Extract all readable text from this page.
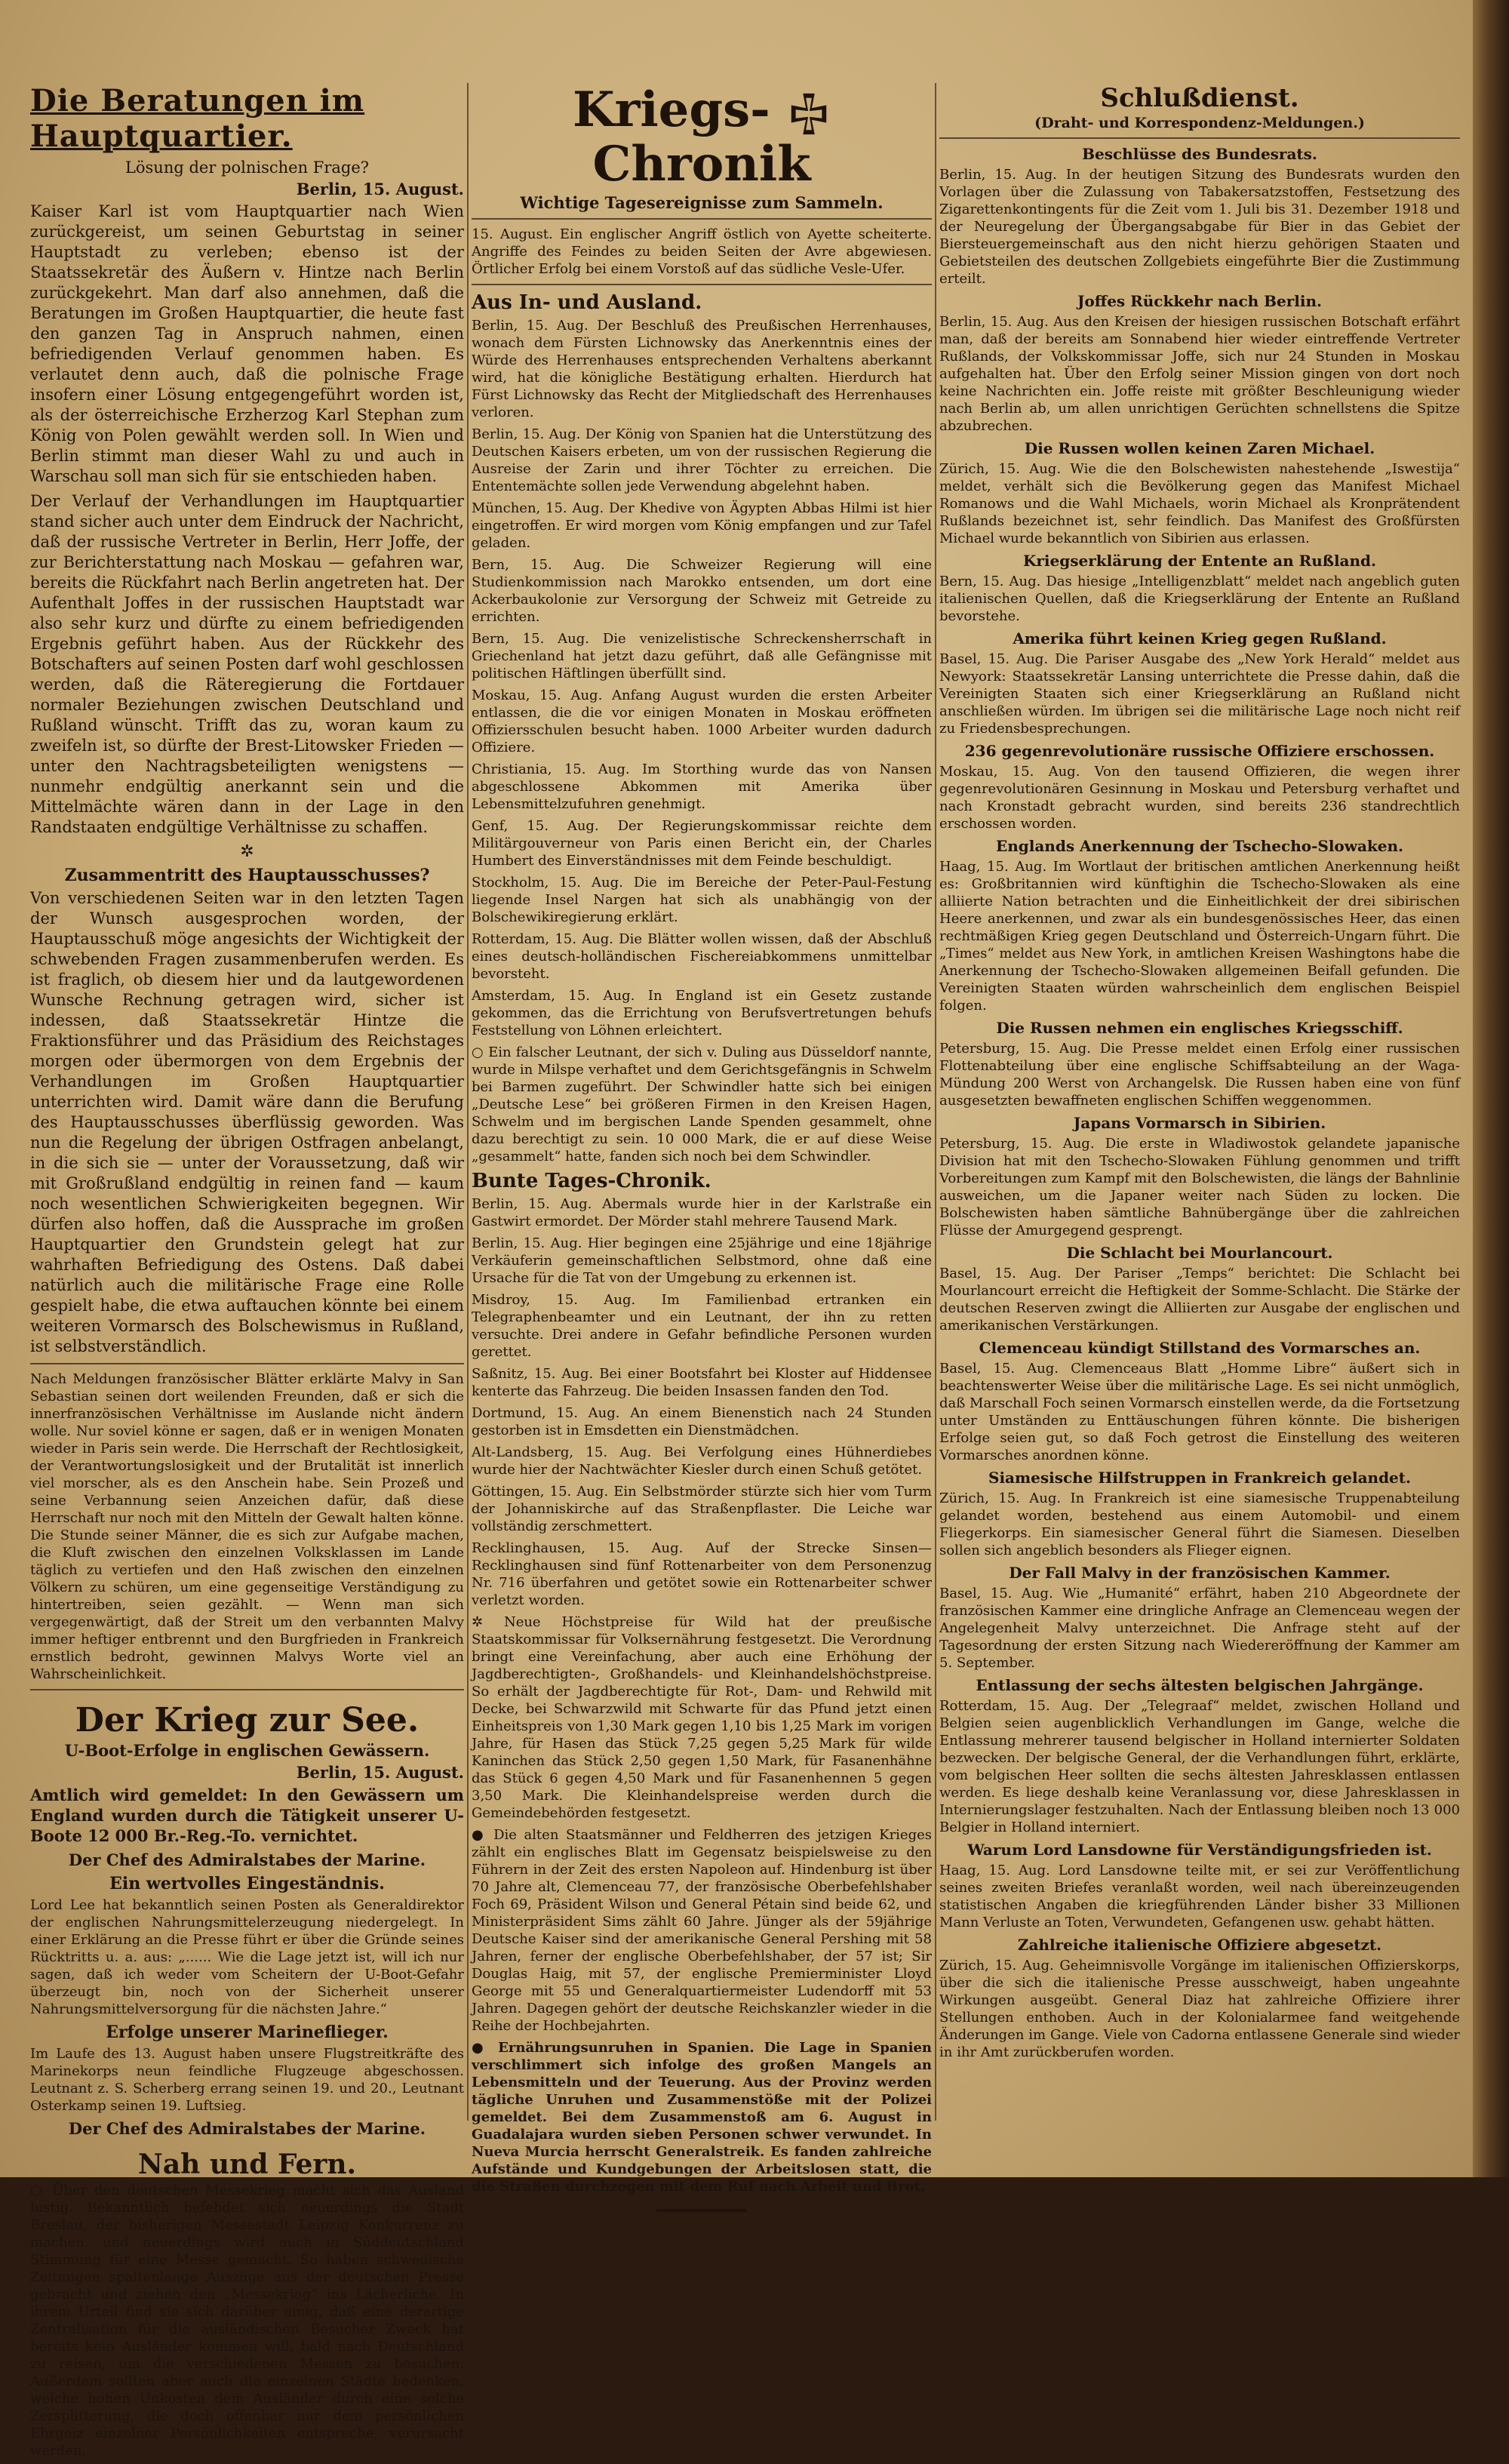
Die Beratungen im Hauptquartier.
Lösung der polnischen Frage?
Berlin, 15. August.

Kaiser Karl ist vom Hauptquartier nach Wien zurückgereist, um seinen Geburtstag in seiner Hauptstadt zu verleben; ebenso ist der Staatssekretär des Äußern v. Hintze nach Berlin zurückgekehrt. Man darf also annehmen, daß die Beratungen im Großen Hauptquartier, die heute fast den ganzen Tag in Anspruch nahmen, einen befriedigenden Verlauf genommen haben. Es verlautet denn auch, daß die polnische Frage insofern einer Lösung entgegengeführt worden ist, als der österreichische Erzherzog Karl Stephan zum König von Polen gewählt werden soll. In Wien und Berlin stimmt man dieser Wahl zu und auch in Warschau soll man sich für sie entschieden haben.

Der Verlauf der Verhandlungen im Hauptquartier stand sicher auch unter dem Eindruck der Nachricht, daß der russische Vertreter in Berlin, Herr Joffe, der zur Berichterstattung nach Moskau — gefahren war, bereits die Rückfahrt nach Berlin angetreten hat. Der Aufenthalt Joffes in der russischen Hauptstadt war also sehr kurz und dürfte zu einem befriedigenden Ergebnis geführt haben. Aus der Rückkehr des Botschafters auf seinen Posten darf wohl geschlossen werden, daß die Räteregierung die Fortdauer normaler Beziehungen zwischen Deutschland und Rußland wünscht. Trifft das zu, woran kaum zu zweifeln ist, so dürfte der Brest-Litowsker Frieden — unter den Nachtragsbeteiligten wenigstens — nunmehr endgültig anerkannt sein und die Mittelmächte wären dann in der Lage in den Randstaaten endgültige Verhältnisse zu schaffen.

✲
Zusammentritt des Hauptausschusses?

Von verschiedenen Seiten war in den letzten Tagen der Wunsch ausgesprochen worden, der Hauptausschuß möge angesichts der Wichtigkeit der schwebenden Fragen zusammenberufen werden. Es ist fraglich, ob diesem hier und da lautgewordenen Wunsche Rechnung getragen wird, sicher ist indessen, daß Staatssekretär Hintze die Fraktionsführer und das Präsidium des Reichstages morgen oder übermorgen von dem Ergebnis der Verhandlungen im Großen Hauptquartier unterrichten wird. Damit wäre dann die Berufung des Hauptausschusses überflüssig geworden. Was nun die Regelung der übrigen Ostfragen anbelangt, in die sich sie — unter der Voraussetzung, daß wir mit Großrußland endgültig in reinen fand — kaum noch wesentlichen Schwierigkeiten begegnen. Wir dürfen also hoffen, daß die Aussprache im großen Hauptquartier den Grundstein gelegt hat zur wahrhaften Befriedigung des Ostens. Daß dabei natürlich auch die militärische Frage eine Rolle gespielt habe, die etwa auftauchen könnte bei einem weiteren Vormarsch des Bolschewismus in Rußland, ist selbstverständlich.

Nach Meldungen französischer Blätter erklärte Malvy in San Sebastian seinen dort weilenden Freunden, daß er sich die innerfranzösischen Verhältnisse im Auslande nicht ändern wolle. Nur soviel könne er sagen, daß er in wenigen Monaten wieder in Paris sein werde. Die Herrschaft der Rechtlosigkeit, der Verantwortungslosigkeit und der Brutalität ist innerlich viel morscher, als es den Anschein habe. Sein Prozeß und seine Verbannung seien Anzeichen dafür, daß diese Herrschaft nur noch mit den Mitteln der Gewalt halten könne. Die Stunde seiner Männer, die es sich zur Aufgabe machen, die Kluft zwischen den einzelnen Volksklassen im Lande täglich zu vertiefen und den Haß zwischen den einzelnen Völkern zu schüren, um eine gegenseitige Verständigung zu hintertreiben, seien gezählt. — Wenn man sich vergegenwärtigt, daß der Streit um den verbannten Malvy immer heftiger entbrennt und den Burgfrieden in Frankreich ernstlich bedroht, gewinnen Malvys Worte viel an Wahrscheinlichkeit.

Der Krieg zur See.
U-Boot-Erfolge in englischen Gewässern.
Berlin, 15. August.

Amtlich wird gemeldet: In den Gewässern um England wurden durch die Tätigkeit unserer U-Boote 12 000 Br.-Reg.-To. vernichtet.

Der Chef des Admiralstabes der Marine.
Ein wertvolles Eingeständnis.

Lord Lee hat bekanntlich seinen Posten als Generaldirektor der englischen Nahrungsmittelerzeugung niedergelegt. In einer Erklärung an die Presse führt er über die Gründe seines Rücktritts u. a. aus: „...... Wie die Lage jetzt ist, will ich nur sagen, daß ich weder vom Scheitern der U-Boot-Gefahr überzeugt bin, noch von der Sicherheit unserer Nahrungsmittelversorgung für die nächsten Jahre.“

Erfolge unserer Marineflieger.

Im Laufe des 13. August haben unsere Flugstreitkräfte des Marinekorps neun feindliche Flugzeuge abgeschossen. Leutnant z. S. Scherberg errang seinen 19. und 20., Leutnant Osterkamp seinen 19. Luftsieg.

Der Chef des Admiralstabes der Marine.
Nah und Fern.

○ Über den deutschen Messekrieg macht sich das Ausland lustig. Bekanntlich befehdet sich neuerdings die Stadt Breslau, der bisherigen Messestadt Leipzig Konkurrenz zu machen, und neuerdings wird auch in Süddeutschland Stimmung für eine Messe gemacht. So haben schwedische Zeitungen spaltenlange Auszüge aus der deutschen Presse gebracht und ziehen den „Messekrieg“ ins Lächerliche. In ihrem Urteil find sie sich darüber einig, daß eine derartige Zentralisation für die ausländischen Besucher Zweck hat bereits kein Ausländer kommen will, bald nach Deutschland zu reisen, um die verschiedenen Messen zu besuchen. Außerdem sollten aber auch die einzelnen Städte bedenken, welche hohen Unkosten dem Ausländer durch eine solche Zersplitterung, die doch offenbar nur dem persönlichen Ehrgeiz einzelner Persönlichkeiten entspreche, verursacht werden.

Kriegs-  Chronik
Wichtige Tagesereignisse zum Sammeln.

15. August. Ein englischer Angriff östlich von Ayette scheiterte. Angriffe des Feindes zu beiden Seiten der Avre abgewiesen. Örtlicher Erfolg bei einem Vorstoß auf das südliche Vesle-Ufer.

Aus In- und Ausland.

Berlin, 15. Aug. Der Beschluß des Preußischen Herrenhauses, wonach dem Fürsten Lichnowsky das Anerkenntnis eines der Würde des Herrenhauses entsprechenden Verhaltens aberkannt wird, hat die königliche Bestätigung erhalten. Hierdurch hat Fürst Lichnowsky das Recht der Mitgliedschaft des Herrenhauses verloren.

Berlin, 15. Aug. Der König von Spanien hat die Unterstützung des Deutschen Kaisers erbeten, um von der russischen Regierung die Ausreise der Zarin und ihrer Töchter zu erreichen. Die Ententemächte sollen jede Verwendung abgelehnt haben.

München, 15. Aug. Der Khedive von Ägypten Abbas Hilmi ist hier eingetroffen. Er wird morgen vom König empfangen und zur Tafel geladen.

Bern, 15. Aug. Die Schweizer Regierung will eine Studienkommission nach Marokko entsenden, um dort eine Ackerbaukolonie zur Versorgung der Schweiz mit Getreide zu errichten.

Bern, 15. Aug. Die venizelistische Schreckensherrschaft in Griechenland hat jetzt dazu geführt, daß alle Gefängnisse mit politischen Häftlingen überfüllt sind.

Moskau, 15. Aug. Anfang August wurden die ersten Arbeiter entlassen, die die vor einigen Monaten in Moskau eröffneten Offiziersschulen besucht haben. 1000 Arbeiter wurden dadurch Offiziere.

Christiania, 15. Aug. Im Storthing wurde das von Nansen abgeschlossene Abkommen mit Amerika über Lebensmittelzufuhren genehmigt.

Genf, 15. Aug. Der Regierungskommissar reichte dem Militärgouverneur von Paris einen Bericht ein, der Charles Humbert des Einverständnisses mit dem Feinde beschuldigt.

Stockholm, 15. Aug. Die im Bereiche der Peter-Paul-Festung liegende Insel Nargen hat sich als unabhängig von der Bolschewikiregierung erklärt.

Rotterdam, 15. Aug. Die Blätter wollen wissen, daß der Abschluß eines deutsch-holländischen Fischereiabkommens unmittelbar bevorsteht.

Amsterdam, 15. Aug. In England ist ein Gesetz zustande gekommen, das die Errichtung von Berufsvertretungen behufs Feststellung von Löhnen erleichtert.

○ Ein falscher Leutnant, der sich v. Duling aus Düsseldorf nannte, wurde in Milspe verhaftet und dem Gerichtsgefängnis in Schwelm bei Barmen zugeführt. Der Schwindler hatte sich bei einigen „Deutsche Lese“ bei größeren Firmen in den Kreisen Hagen, Schwelm und im bergischen Lande Spenden gesammelt, ohne dazu berechtigt zu sein. 10 000 Mark, die er auf diese Weise „gesammelt“ hatte, fanden sich noch bei dem Schwindler.

Bunte Tages-Chronik.

Berlin, 15. Aug. Abermals wurde hier in der Karlstraße ein Gastwirt ermordet. Der Mörder stahl mehrere Tausend Mark.

Berlin, 15. Aug. Hier begingen eine 25jährige und eine 18jährige Verkäuferin gemeinschaftlichen Selbstmord, ohne daß eine Ursache für die Tat von der Umgebung zu erkennen ist.

Misdroy, 15. Aug. Im Familienbad ertranken ein Telegraphenbeamter und ein Leutnant, der ihn zu retten versuchte. Drei andere in Gefahr befindliche Personen wurden gerettet.

Saßnitz, 15. Aug. Bei einer Bootsfahrt bei Kloster auf Hiddensee kenterte das Fahrzeug. Die beiden Insassen fanden den Tod.

Dortmund, 15. Aug. An einem Bienenstich nach 24 Stunden gestorben ist in Emsdetten ein Dienstmädchen.

Alt-Landsberg, 15. Aug. Bei Verfolgung eines Hühnerdiebes wurde hier der Nachtwächter Kiesler durch einen Schuß getötet.

Göttingen, 15. Aug. Ein Selbstmörder stürzte sich hier vom Turm der Johanniskirche auf das Straßenpflaster. Die Leiche war vollständig zerschmettert.

Recklinghausen, 15. Aug. Auf der Strecke Sinsen—Recklinghausen sind fünf Rottenarbeiter von dem Personenzug Nr. 716 überfahren und getötet sowie ein Rottenarbeiter schwer verletzt worden.

✲ Neue Höchstpreise für Wild hat der preußische Staatskommissar für Volksernährung festgesetzt. Die Verordnung bringt eine Vereinfachung, aber auch eine Erhöhung der Jagdberechtigten-, Großhandels- und Kleinhandelshöchstpreise. So erhält der Jagdberechtigte für Rot-, Dam- und Rehwild mit Decke, bei Schwarzwild mit Schwarte für das Pfund jetzt einen Einheitspreis von 1,30 Mark gegen 1,10 bis 1,25 Mark im vorigen Jahre, für Hasen das Stück 7,25 gegen 5,25 Mark für wilde Kaninchen das Stück 2,50 gegen 1,50 Mark, für Fasanenhähne das Stück 6 gegen 4,50 Mark und für Fasanenhennen 5 gegen 3,50 Mark. Die Kleinhandelspreise werden durch die Gemeindebehörden festgesetzt.

● Die alten Staatsmänner und Feldherren des jetzigen Krieges zählt ein englisches Blatt im Gegensatz beispielsweise zu den Führern in der Zeit des ersten Napoleon auf. Hindenburg ist über 70 Jahre alt, Clemenceau 77, der französische Oberbefehlshaber Foch 69, Präsident Wilson und General Pétain sind beide 62, und Ministerpräsident Sims zählt 60 Jahre. Jünger als der 59jährige Deutsche Kaiser sind der amerikanische General Pershing mit 58 Jahren, ferner der englische Oberbefehlshaber, der 57 ist; Sir Douglas Haig, mit 57, der englische Premierminister Lloyd George mit 55 und Generalquartiermeister Ludendorff mit 53 Jahren. Dagegen gehört der deutsche Reichskanzler wieder in die Reihe der Hochbejahrten.

● Ernährungsunruhen in Spanien. Die Lage in Spanien verschlimmert sich infolge des großen Mangels an Lebensmitteln und der Teuerung. Aus der Provinz werden tägliche Unruhen und Zusammenstöße mit der Polizei gemeldet. Bei dem Zusammenstoß am 6. August in Guadalajara wurden sieben Personen schwer verwundet. In Nueva Murcia herrscht Generalstreik. Es fanden zahlreiche Aufstände und Kundgebungen der Arbeitslosen statt, die die Straßen durchzogen mit dem Ruf nach Arbeit und Brot.

Schlußdienst.
(Draht- und Korrespondenz-Meldungen.)
Beschlüsse des Bundesrats.

Berlin, 15. Aug. In der heutigen Sitzung des Bundesrats wurden den Vorlagen über die Zulassung von Tabakersatzstoffen, Festsetzung des Zigarettenkontingents für die Zeit vom 1. Juli bis 31. Dezember 1918 und der Neuregelung der Übergangsabgabe für Bier in das Gebiet der Biersteuergemeinschaft aus den nicht hierzu gehörigen Staaten und Gebietsteilen des deutschen Zollgebiets eingeführte Bier die Zustimmung erteilt.

Joffes Rückkehr nach Berlin.

Berlin, 15. Aug. Aus den Kreisen der hiesigen russischen Botschaft erfährt man, daß der bereits am Sonnabend hier wieder eintreffende Vertreter Rußlands, der Volkskommissar Joffe, sich nur 24 Stunden in Moskau aufgehalten hat. Über den Erfolg seiner Mission gingen von dort noch keine Nachrichten ein. Joffe reiste mit größter Beschleunigung wieder nach Berlin ab, um allen unrichtigen Gerüchten schnellstens die Spitze abzubrechen.

Die Russen wollen keinen Zaren Michael.

Zürich, 15. Aug. Wie die den Bolschewisten nahestehende „Iswestija“ meldet, verhält sich die Bevölkerung gegen das Manifest Michael Romanows und die Wahl Michaels, worin Michael als Kronprätendent Rußlands bezeichnet ist, sehr feindlich. Das Manifest des Großfürsten Michael wurde bekanntlich von Sibirien aus erlassen.

Kriegserklärung der Entente an Rußland.

Bern, 15. Aug. Das hiesige „Intelligenzblatt“ meldet nach angeblich guten italienischen Quellen, daß die Kriegserklärung der Entente an Rußland bevorstehe.

Amerika führt keinen Krieg gegen Rußland.

Basel, 15. Aug. Die Pariser Ausgabe des „New York Herald“ meldet aus Newyork: Staatssekretär Lansing unterrichtete die Presse dahin, daß die Vereinigten Staaten sich einer Kriegserklärung an Rußland nicht anschließen würden. Im übrigen sei die militärische Lage noch nicht reif zu Friedensbesprechungen.

236 gegenrevolutionäre russische Offiziere erschossen.

Moskau, 15. Aug. Von den tausend Offizieren, die wegen ihrer gegenrevolutionären Gesinnung in Moskau und Petersburg verhaftet und nach Kronstadt gebracht wurden, sind bereits 236 standrechtlich erschossen worden.

Englands Anerkennung der Tschecho-Slowaken.

Haag, 15. Aug. Im Wortlaut der britischen amtlichen Anerkennung heißt es: Großbritannien wird künftighin die Tschecho-Slowaken als eine alliierte Nation betrachten und die Einheitlichkeit der drei sibirischen Heere anerkennen, und zwar als ein bundesgenössisches Heer, das einen rechtmäßigen Krieg gegen Deutschland und Österreich-Ungarn führt. Die „Times“ meldet aus New York, in amtlichen Kreisen Washingtons habe die Anerkennung der Tschecho-Slowaken allgemeinen Beifall gefunden. Die Vereinigten Staaten würden wahrscheinlich dem englischen Beispiel folgen.

Die Russen nehmen ein englisches Kriegsschiff.

Petersburg, 15. Aug. Die Presse meldet einen Erfolg einer russischen Flottenabteilung über eine englische Schiffsabteilung an der Waga-Mündung 200 Werst von Archangelsk. Die Russen haben eine von fünf ausgesetzten bewaffneten englischen Schiffen weggenommen.

Japans Vormarsch in Sibirien.

Petersburg, 15. Aug. Die erste in Wladiwostok gelandete japanische Division hat mit den Tschecho-Slowaken Fühlung genommen und trifft Vorbereitungen zum Kampf mit den Bolschewisten, die längs der Bahnlinie ausweichen, um die Japaner weiter nach Süden zu locken. Die Bolschewisten haben sämtliche Bahnübergänge über die zahlreichen Flüsse der Amurgegend gesprengt.

Die Schlacht bei Mourlancourt.

Basel, 15. Aug. Der Pariser „Temps“ berichtet: Die Schlacht bei Mourlancourt erreicht die Heftigkeit der Somme-Schlacht. Die Stärke der deutschen Reserven zwingt die Alliierten zur Ausgabe der englischen und amerikanischen Verstärkungen.

Clemenceau kündigt Stillstand des Vormarsches an.

Basel, 15. Aug. Clemenceaus Blatt „Homme Libre“ äußert sich in beachtenswerter Weise über die militärische Lage. Es sei nicht unmöglich, daß Marschall Foch seinen Vormarsch einstellen werde, da die Fortsetzung unter Umständen zu Enttäuschungen führen könnte. Die bisherigen Erfolge seien gut, so daß Foch getrost die Einstellung des weiteren Vormarsches anordnen könne.

Siamesische Hilfstruppen in Frankreich gelandet.

Zürich, 15. Aug. In Frankreich ist eine siamesische Truppenabteilung gelandet worden, bestehend aus einem Automobil- und einem Fliegerkorps. Ein siamesischer General führt die Siamesen. Dieselben sollen sich angeblich besonders als Flieger eignen.

Der Fall Malvy in der französischen Kammer.

Basel, 15. Aug. Wie „Humanité“ erfährt, haben 210 Abgeordnete der französischen Kammer eine dringliche Anfrage an Clemenceau wegen der Angelegenheit Malvy unterzeichnet. Die Anfrage steht auf der Tagesordnung der ersten Sitzung nach Wiedereröffnung der Kammer am 5. September.

Entlassung der sechs ältesten belgischen Jahrgänge.

Rotterdam, 15. Aug. Der „Telegraaf“ meldet, zwischen Holland und Belgien seien augenblicklich Verhandlungen im Gange, welche die Entlassung mehrerer tausend belgischer in Holland internierter Soldaten bezwecken. Der belgische General, der die Verhandlungen führt, erklärte, vom belgischen Heer sollten die sechs ältesten Jahresklassen entlassen werden. Es liege deshalb keine Veranlassung vor, diese Jahresklassen in Internierungslager festzuhalten. Nach der Entlassung bleiben noch 13 000 Belgier in Holland interniert.

Warum Lord Lansdowne für Verständigungsfrieden ist.

Haag, 15. Aug. Lord Lansdowne teilte mit, er sei zur Veröffentlichung seines zweiten Briefes veranlaßt worden, weil nach übereinzeugenden statistischen Angaben die kriegführenden Länder bisher 33 Millionen Mann Verluste an Toten, Verwundeten, Gefangenen usw. gehabt hätten.

Zahlreiche italienische Offiziere abgesetzt.

Zürich, 15. Aug. Geheimnisvolle Vorgänge im italienischen Offizierskorps, über die sich die italienische Presse ausschweigt, haben ungeahnte Wirkungen ausgeübt. General Diaz hat zahlreiche Offiziere ihrer Stellungen enthoben. Auch in der Kolonialarmee fand weitgehende Änderungen im Gange. Viele von Cadorna entlassene Generale sind wieder in ihr Amt zurückberufen worden.
